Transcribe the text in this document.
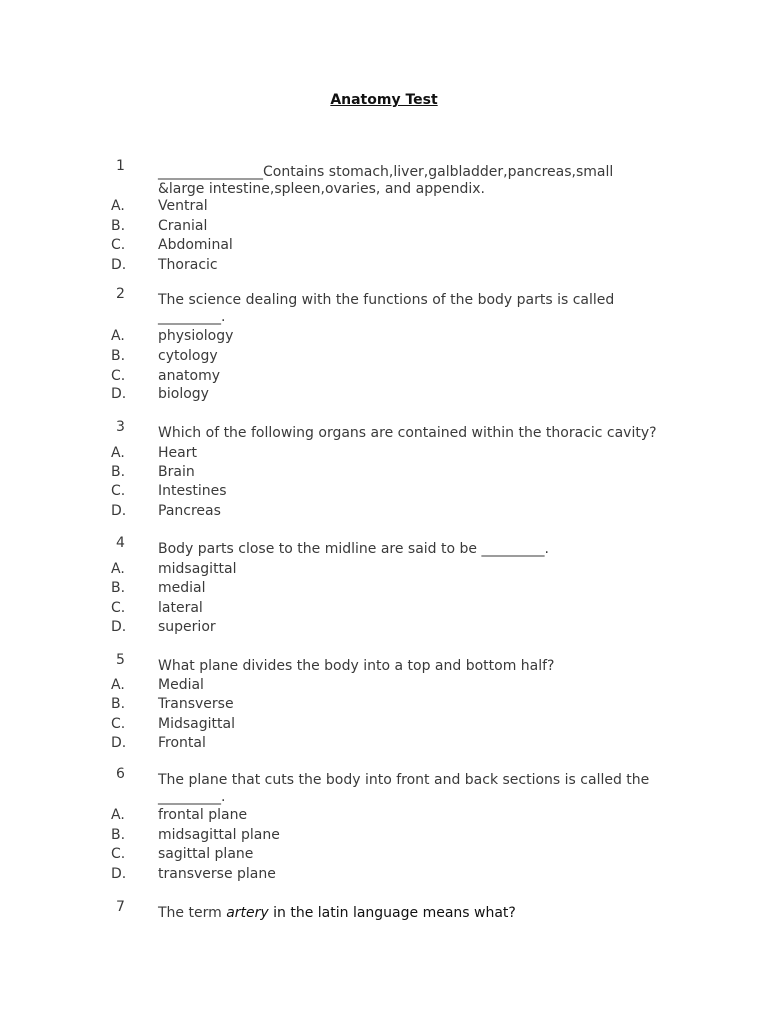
Anatomy Test
1 _______________Contains stomach,liver,galbladder,pancreas,small &large intestine,spleen,ovaries, and appendix.
A. Ventral
B. Cranial
C. Abdominal
D. Thoracic
2 The science dealing with the functions of the body parts is called _________.
A. physiology
B. cytology
C. anatomy
D. biology
3 Which of the following organs are contained within the thoracic cavity?
A. Heart
B. Brain
C. Intestines
D. Pancreas
4 Body parts close to the midline are said to be _________.
A. midsagittal
B. medial
C. lateral
D. superior
5 What plane divides the body into a top and bottom half?
A. Medial
B. Transverse
C. Midsagittal
D. Frontal
6 The plane that cuts the body into front and back sections is called the _________.
A. frontal plane
B. midsagittal plane
C. sagittal plane
D. transverse plane
7 The term artery in the latin language means what?
